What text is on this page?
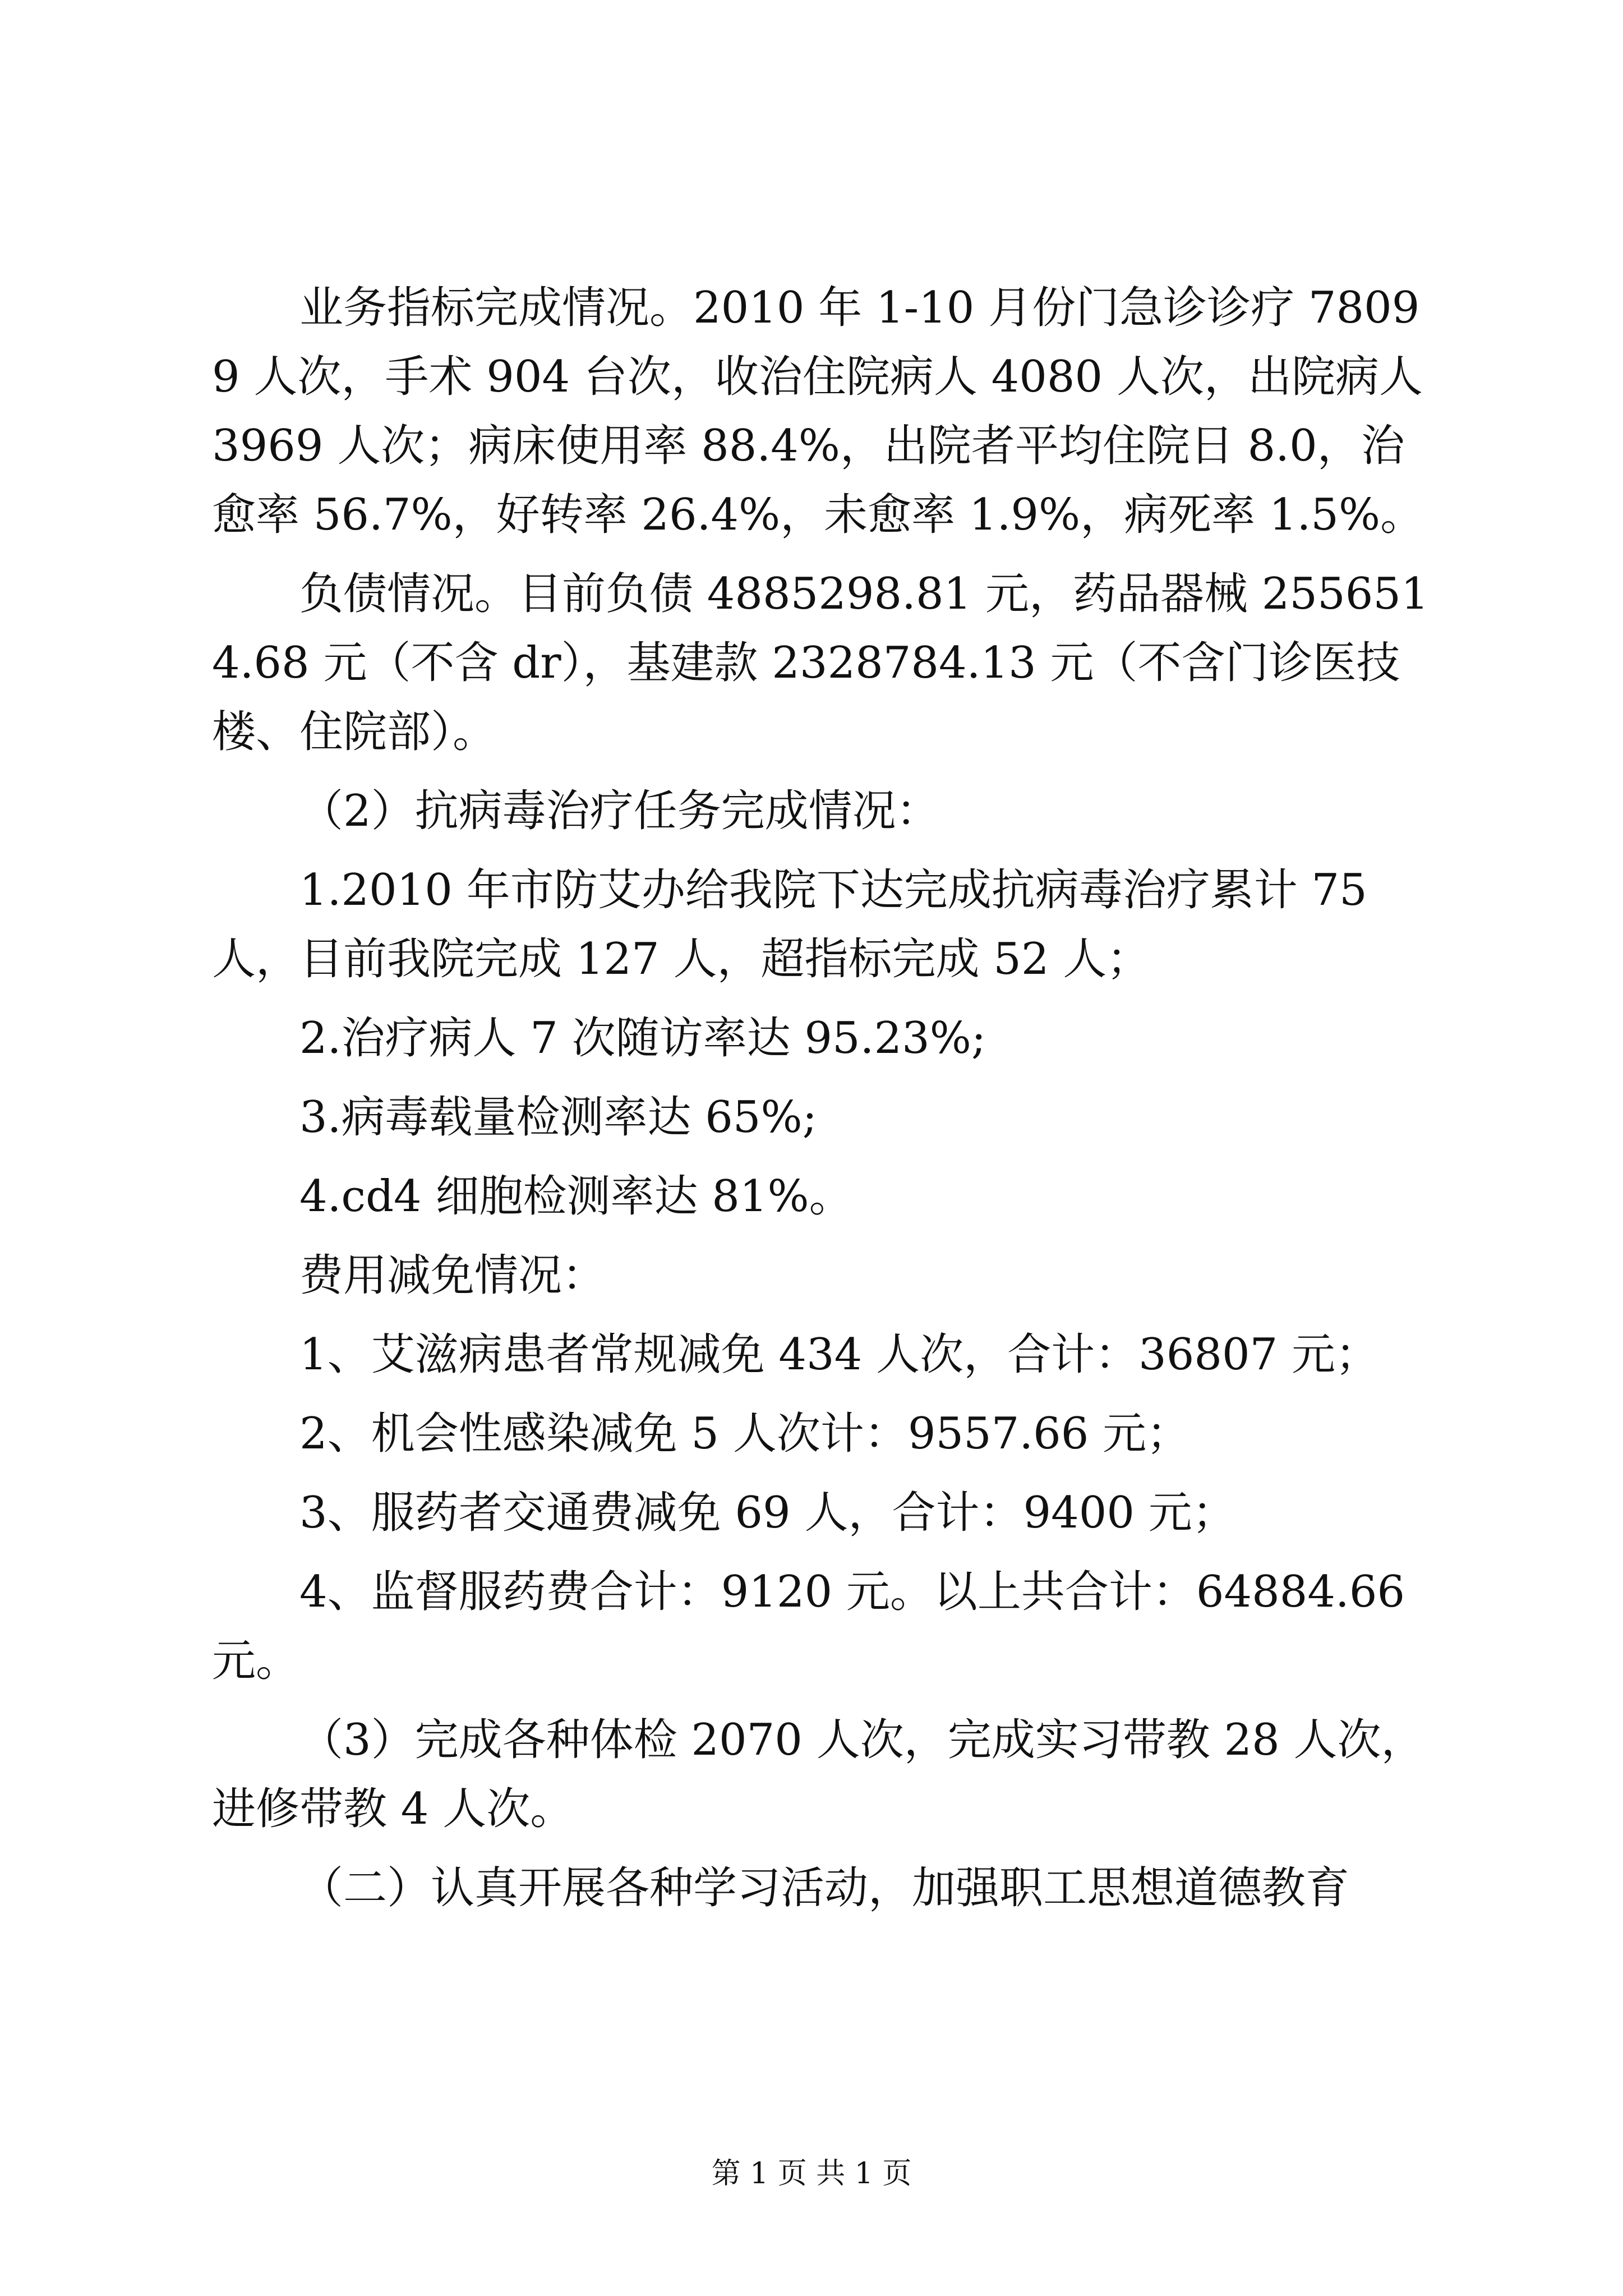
业务指标完成情况。2010 年 1-10 月份门急诊诊疗 78099 人次，手术 904 台次，收治住院病人 4080 人次，出院病人 3969 人次；病床使用率 88.4%，出院者平均住院日 8.0，治愈率 56.7%，好转率 26.4%，未愈率 1.9%，病死率 1.5%。

负债情况。目前负债 4885298.81 元，药品器械 2556514.68 元（不含 dr），基建款 2328784.13 元（不含门诊医技楼、住院部）。

（2）抗病毒治疗任务完成情况：

1.2010 年市防艾办给我院下达完成抗病毒治疗累计 75 人，目前我院完成 127 人，超指标完成 52 人；

2.治疗病人 7 次随访率达 95.23%;

3.病毒载量检测率达 65%;

4.cd4 细胞检测率达 81%。

费用减免情况：

1、艾滋病患者常规减免 434 人次，合计：36807 元；

2、机会性感染减免 5 人次计：9557.66 元；

3、服药者交通费减免 69 人，合计：9400 元；

4、监督服药费合计：9120 元。以上共合计：64884.66 元。

（3）完成各种体检 2070 人次，完成实习带教 28 人次，进修带教 4 人次。

（二）认真开展各种学习活动，加强职工思想道德教育

第 1 页 共 1 页
